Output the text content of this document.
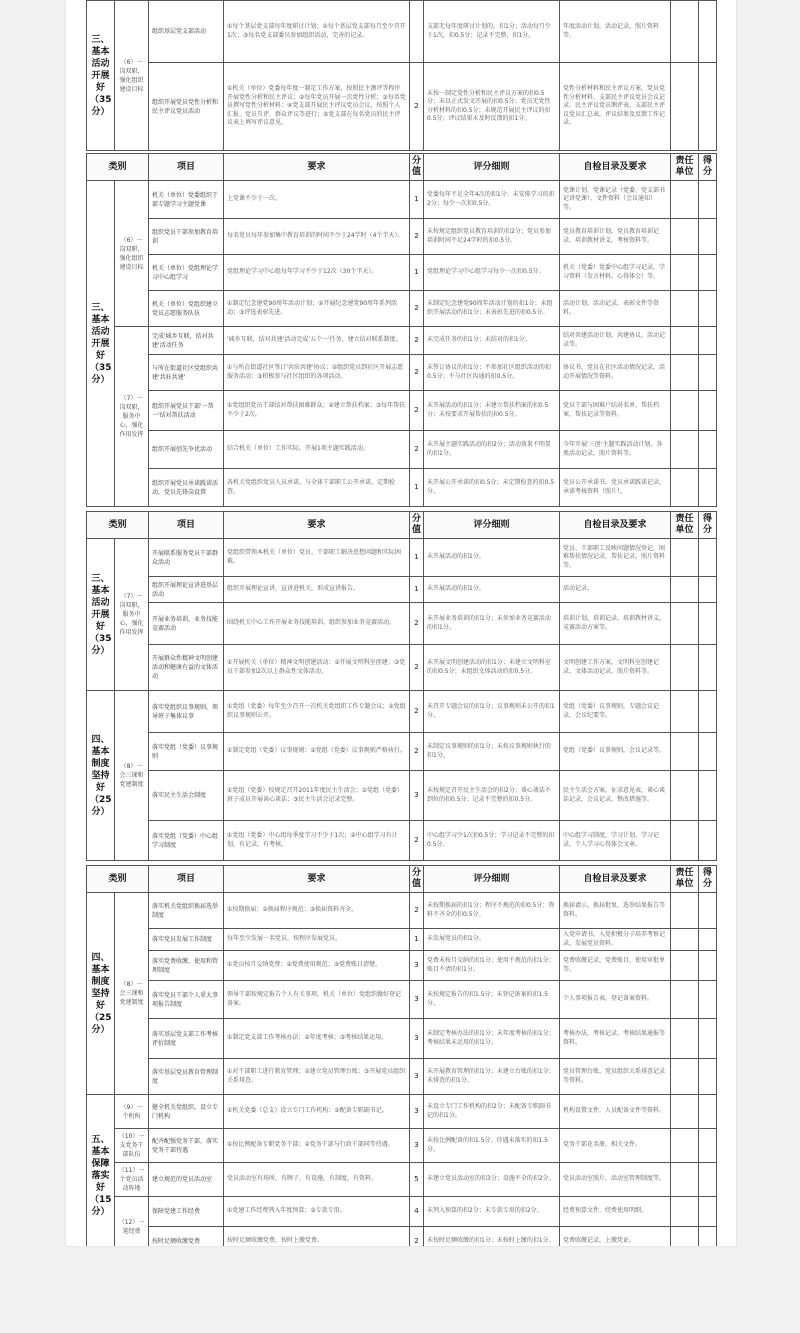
三、基本活动开展好（35分）	（6）一岗双职，强化组织建设目标	组织基层党支部活动	①每个基层党支部每年度研讨计划；②每个基层党支部每月至少召开1次；③每名党支部委员参加组织活动，完善的记录。		支部无每年度研讨计划的，扣1分；活动每月少于1次，扣0.5分；记录不完整，扣1分。	年度活动计划，活动记录，照片资料等。		
		组织开展党员党性分析和民主评议党员活动	①机关（单位）党委每年度一制定工作方案，按照民主测评等程序开展党性分析和民主评议；②每年党员开展一次党性分析；③每名党员撰写党性分析材料；④党支部开展民主评议党员会议，按照个人汇报、党员互评、群众评议等进行；⑤党支部在每名党员的民主评议表上填写评议意见。	2	未按一制定党性分析和民主评议方案的扣0.5分；未以正式发文开展的扣0.5分；党员无党性分析材料的扣0.5分；未规范开展民主评议的扣0.5分；评议结果未及时反馈的扣1分。	党性分析材料和民主评议方案，党员党性分析材料，支部民主评议党员会议记录，民主评议党员测评表，支部民主评议党员汇总表，评议结果及反馈工作记录。		
类别		项目	要求	分值	评分细则	自检目录及要求	责任单位	得分
三、基本活动开展好（35分）	（6）一岗双职，强化组织建设目标	机关（单位）党委组织干部专题学习主题党课	上党课不少于一次。	1	党委每年不足全年4次的扣1分；未安排学习的扣2分；每少一次扣0.5分。	党课计划，党课记录（党委、党支部书记讲党课），文件资料（会议通知）等。		
		组织党员干部参加教育培训	每名党员每年参加集中教育培训的时间不少于24学时（4个半天）。	2	未按规定组织党员教育培训的扣2分；党员参加培训时间不足24学时的扣0.5分。	党员教育培训计划，党员教育培训记录，培训教材讲义，考核资料等。		
		机关（单位）党组理论学习中心组学习	党组理论学习中心组每年学习不少于12次（30个半天）。	1	党组理论学习中心组学习每少一次扣0.5分。	机关（党委）党委中心组学习记录，学习资料（发言材料，心得体会）等。		
		机关（单位）党组织建立党员志愿服务队伍	①制定纪念建党90周年活动计划；②开展纪念建党90周年系列活动；③评选表彰先进。	2	未制定纪念建党90周年活动计划的扣1分；未组织开展活动的扣1分；未表彰先进的扣0.5分。	活动计划，活动记录，表彰文件等资料。		
	（7）一岗双职，服务中心，强化作用发挥	完成'城乡互联，结对共建'活动任务	'城乡互联，结对共建'活动完成'五个一'任务，建立结对联系制度。	2	未完成任务的扣1分；未结对的扣1分。	结对共建活动计划，共建协议，活动记录等。		
		与所在街道社区党组织共建'共驻共建'	①与所在街道社区签订'共驻共建'协议；②组织党员到社区开展志愿服务活动；③积极参与社区组织的各项活动。	2	未签订协议的扣1分；不参加社区组织活动的扣0.5分；不与社区沟通的扣0.5分。	协议书，党员在社区活动情况记录，活动开展情况等资料。		
		组织开展党员干部'一帮一'结对帮扶活动	①党组织党员干部结对帮扶困难群众；②建立帮扶档案；③每年帮扶不少于2次。	2	未开展活动的扣1分；未建立帮扶档案的扣0.5分；未按要求开展帮扶的扣0.5分。	党员干部与困难户结对名单，帮扶档案，帮扶记录等资料。		
		组织开展创先争优活动	结合机关（单位）工作实际，开展1项主题实践活动。	2	未开展主题实践活动的扣2分；活动效果不明显的扣1分。	今年开展'三创'主题实践活动计划，各类活动记录，照片资料等。		
		组织开展党员承诺践诺活动，党员先锋岗设置	各机关党组织党员人员承诺，与全体干部职工公开承诺，定期检查。	1	未开展公开承诺的扣0.5分；未定期检查的扣0.5分。	党员公开承诺书，党员承诺践诺记录，承诺考核资料（照片）。		
类别		项目	要求	分值	评分细则	自检目录及要求	责任单位	得分
三、基本活动开展好（35分）	（7）一岗双职，服务中心，强化作用发挥	开展联系服务党员干部群众活动	党组织带领本机关（单位）党员、干部职工解决思想问题和实际困难。	1	未开展活动的扣1分。	党员、干部职工反映问题情况登记，困难帮扶情况记录，帮扶记录，照片资料等。		
		组织开展理论宣讲进基层活动	组织开展理论宣讲，宣讲进机关，形成宣讲报告。	1	未开展活动的扣1分。	活动记录。		
		开展业务培训，业务技能竞赛活动	围绕机关中心工作开展业务技能培训，组织参加业务竞赛活动。	2	未开展业务培训的扣1分；未参加业务竞赛活动的扣1分。	培训计划，培训记录，培训教材讲义，竞赛活动方案等。		
		开展群众性精神文明创建活动和健康有益的文体活动	①开展机关（单位）精神文明创建活动；②开展文明科室创建；③党员干部参加2次以上群众性文体活动。	2	未开展文明创建活动的扣1分；未建立文明科室的扣0.5分；未组织文体活动的扣0.5分。	文明创建工作方案，文明科室创建记录，文体活动记录，照片资料等。		
四、基本制度坚持好（25分）	（8）一会三课和党建制度	落实党组织议事规则，领导班子集体议事	①党组（党委）每年至少召开一次机关党组织工作专题会议；②党组织议事规则公开。	2	未召开专题会议的扣1分；议事规则未公开的扣1分。	党组（党委）议事规则，专题会议记录，会议纪要等。		
		落实党组（党委）议事规则	①制定党组（党委）议事规则；②党组（党委）议事规则严格执行。	2	未制定议事规则的扣1分；未按议事规则执行的扣1分。	党组（党委）议事规则，会议记录等。		
		落实民主生活会制度	①党组（党委）按规定召开2011年度民主生活会；②党组（党委）班子成员开展谈心谈话；③民主生活会记录完整。	3	未按规定召开民主生活会的扣2分；谈心谈话不到位的扣0.5分；记录不完整的扣0.5分。	民主生活会方案，征求意见表，谈心谈话记录，会议记录，整改措施等。		
		落实党组（党委）中心组学习制度	①党组（党委）中心组每季度学习不少于1次；②中心组学习有计划，有记录，有考核。	2	中心组学习少1次扣0.5分；学习记录不完整的扣0.5分。	中心组学习制度，学习计划，学习记录，个人学习心得体会文章。		
类别		项目	要求	分值	评分细则	自检目录及要求	责任单位	得分
四、基本制度坚持好（25分）	（8）一会三课和党建制度	落实机关党组织换届选举制度	①按期换届；②换届程序规范；③换届资料齐全。	2	未按期换届的扣1分；程序不规范的扣0.5分；资料不齐全的扣0.5分。	换届请示，换届批复，选举结果报告等资料。		
		落实党员发展工作制度	每年至少发展一名党员，按程序发展党员。	1	未发展党员的扣1分。	入党申请书，入党积极分子培养考察记录，发展党员资料。		
		落实党费收缴、使用和管理制度	①党员按月交纳党费；②党费使用规范；③党费账目清楚。	3	党费未按月交纳的扣1分；使用不规范的扣1分；账目不清的扣1分。	党费收缴记录，党费账目，使用审批单等。		
		落实党员干部个人重大事项报告制度	领导干部按规定报告个人有关事项，机关（单位）党组织做好登记备案。	3	未按规定报告的扣1.5分；未登记备案的扣1.5分。	个人事项报告表，登记备案资料。		
		落实基层党支部工作考核评价制度	①制定党支部工作考核办法；②年度考核；③考核结果运用。	3	未制定考核办法的扣1分；未年度考核的扣1分；考核结果未运用的扣1分。	考核办法，考核记录，考核结果通报等资料。		
		落实基层党员教育管理制度	①对干部职工进行教育管理；②建立党员管理台账；③开展党员组织关系排查。	3	未开展教育管理的扣1分；未建立台账的扣1分；未排查的扣1分。	党员管理台账，党员组织关系排查记录等资料。		
五、基本保障落实好（15分）	（9）一个机构	健全机关党组织，设立专门机构	①机关党委（总支）设立专门工作机构；②配备专职副书记。	3	未设立专门工作机构的扣2分；未配备专职副书记的扣1分。	机构设置文件，人员配备文件等资料。		
	（10）一支党务干部队伍	配齐配强党务干部，落实党务干部待遇	①按比例配备专职党务干部；②党务干部与行政干部同等待遇。	3	未按比例配备的扣1.5分；待遇未落实的扣1.5分。	党务干部花名册，相关文件。		
	（11）一个党员活动阵地	建立规范的党员活动室	党员活动室有场所，有牌子，有设施，有制度，有资料。	5	未建立党员活动室的扣3分；设施不全的扣2分。	党员活动室照片，活动室管理制度等。		
	（12）一笔经费	保障党建工作经费	①党建工作经费列入年度预算；②专款专用。	4	未列入预算的扣2分；未专款专用的扣2分。	经费预算文件，经费使用明细。		
		按时足额收缴党费	按时足额收缴党费，按时上缴党费。	2	未按时足额收缴的扣1分；未按时上缴的扣1分。	党费收缴记录，上缴凭证。		
